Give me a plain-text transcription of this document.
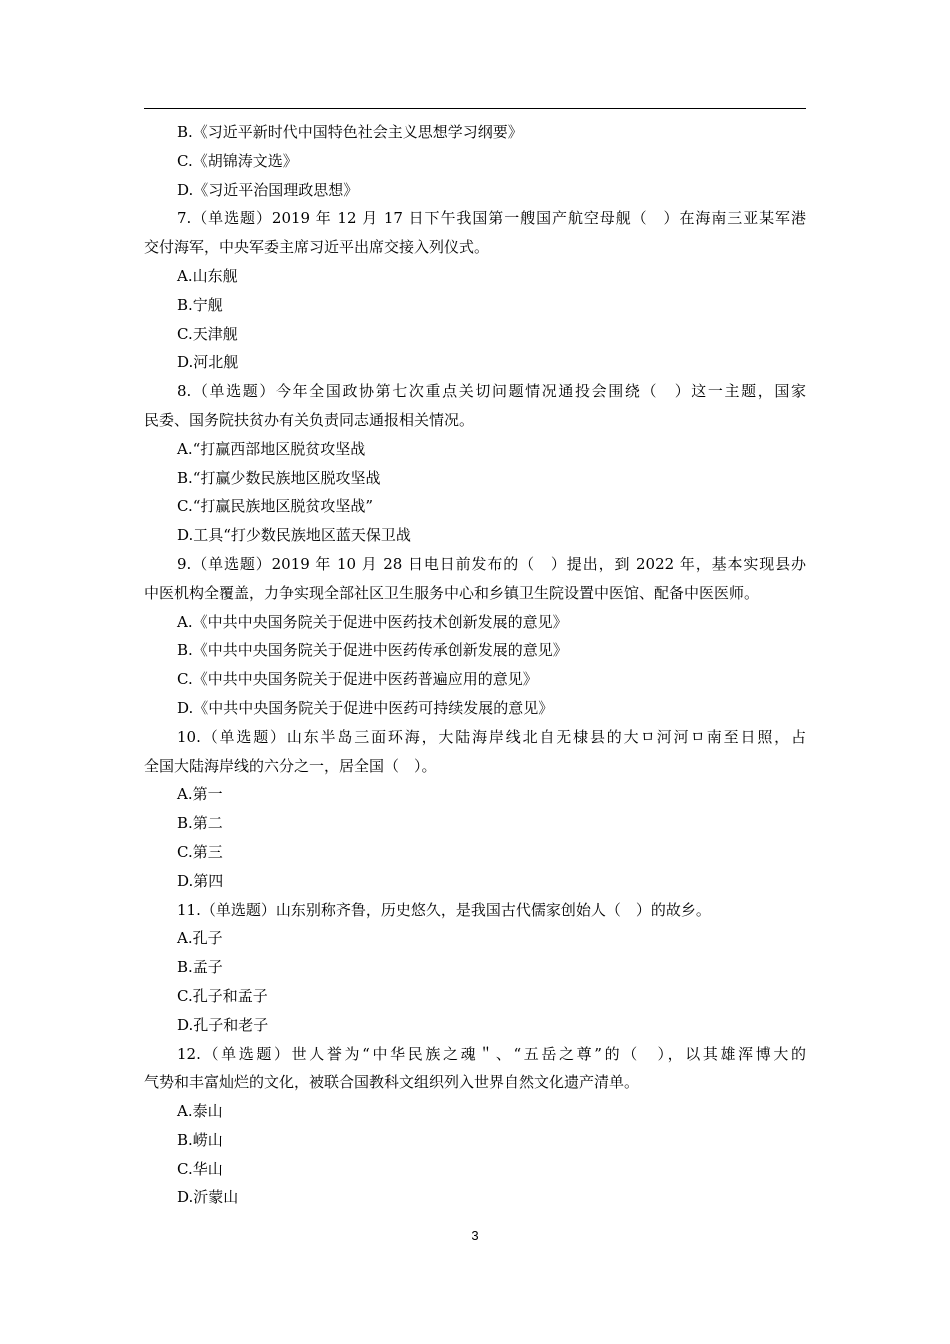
B.《习近平新时代中国特色社会主义思想学习纲要》
C.《胡锦涛文选》
D.《习近平治国理政思想》
7.（单选题）2019 年 12 月 17 日下午我国第一艘国产航空母舰（　）在海南三亚某军港
交付海军，中央军委主席习近平出席交接入列仪式。
A.山东舰
B.宁舰
C.天津舰
D.河北舰
8.（单选题）今年全国政协第七次重点关切问题情况通投会围绕（　）这一主题，国家
民委、国务院扶贫办有关负责同志通报相关情况。
A.“打赢西部地区脱贫攻坚战
B.“打赢少数民族地区脱攻坚战
C.“打赢民族地区脱贫攻坚战”
D.工具“打少数民族地区蓝天保卫战
9.（单选题）2019 年 10 月 28 日电日前发布的（　）提出，到 2022 年，基本实现县办
中医机构全覆盖，力争实现全部社区卫生服务中心和乡镇卫生院设置中医馆、配备中医医师。
A.《中共中央国务院关于促进中医药技术创新发展的意见》
B.《中共中央国务院关于促进中医药传承创新发展的意见》
C.《中共中央国务院关于促进中医药普遍应用的意见》
D.《中共中央国务院关于促进中医药可持续发展的意见》
10.（单选题）山东半岛三面环海，大陆海岸线北自无棣县的大ㅁ河河ㅁ南至日照，占
全国大陆海岸线的六分之一，居全国（　）。
A.第一
B.第二
C.第三
D.第四
11.（单选题）山东别称齐鲁，历史悠久，是我国古代儒家创始人（　）的故乡。
A.孔子
B.孟子
C.孔子和孟子
D.孔子和老子
12.（单选题）世人誉为“中华民族之魂＂、“五岳之尊”的（　），以其雄浑博大的
气势和丰富灿烂的文化，被联合国教科文组织列入世界自然文化遗产清单。
A.泰山
B.崂山
C.华山
D.沂蒙山
3
